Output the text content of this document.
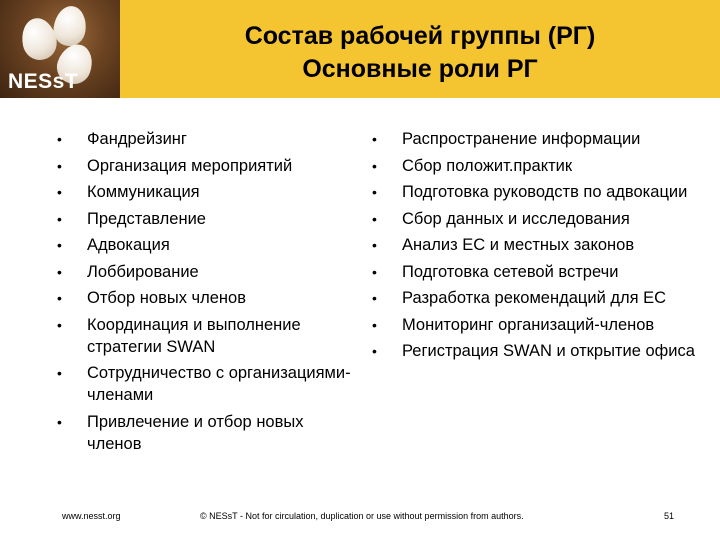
NESsT
Состав рабочей группы (РГ)
Основные роли РГ
•	Фандрейзинг
•	Организация мероприятий
•	Коммуникация
•	Представление
•	Адвокация
•	Лоббирование
•	Отбор новых членов
•	Координация и выполнение стратегии SWAN
•	Сотрудничество с организациями-членами
•	Привлечение и отбор новых членов
•	Распространение информации
•	Сбор положит.практик
•	Подготовка руководств по адвокации
•	Сбор данных и исследования
•	Анализ ЕС и местных законов
•	Подготовка сетевой встречи
•	Разработка рекомендаций для ЕС
•	Мониторинг организаций-членов
•	Регистрация SWAN и открытие офиса
www.nesst.org	© NESsT - Not for circulation, duplication or use without permission from authors.	51
